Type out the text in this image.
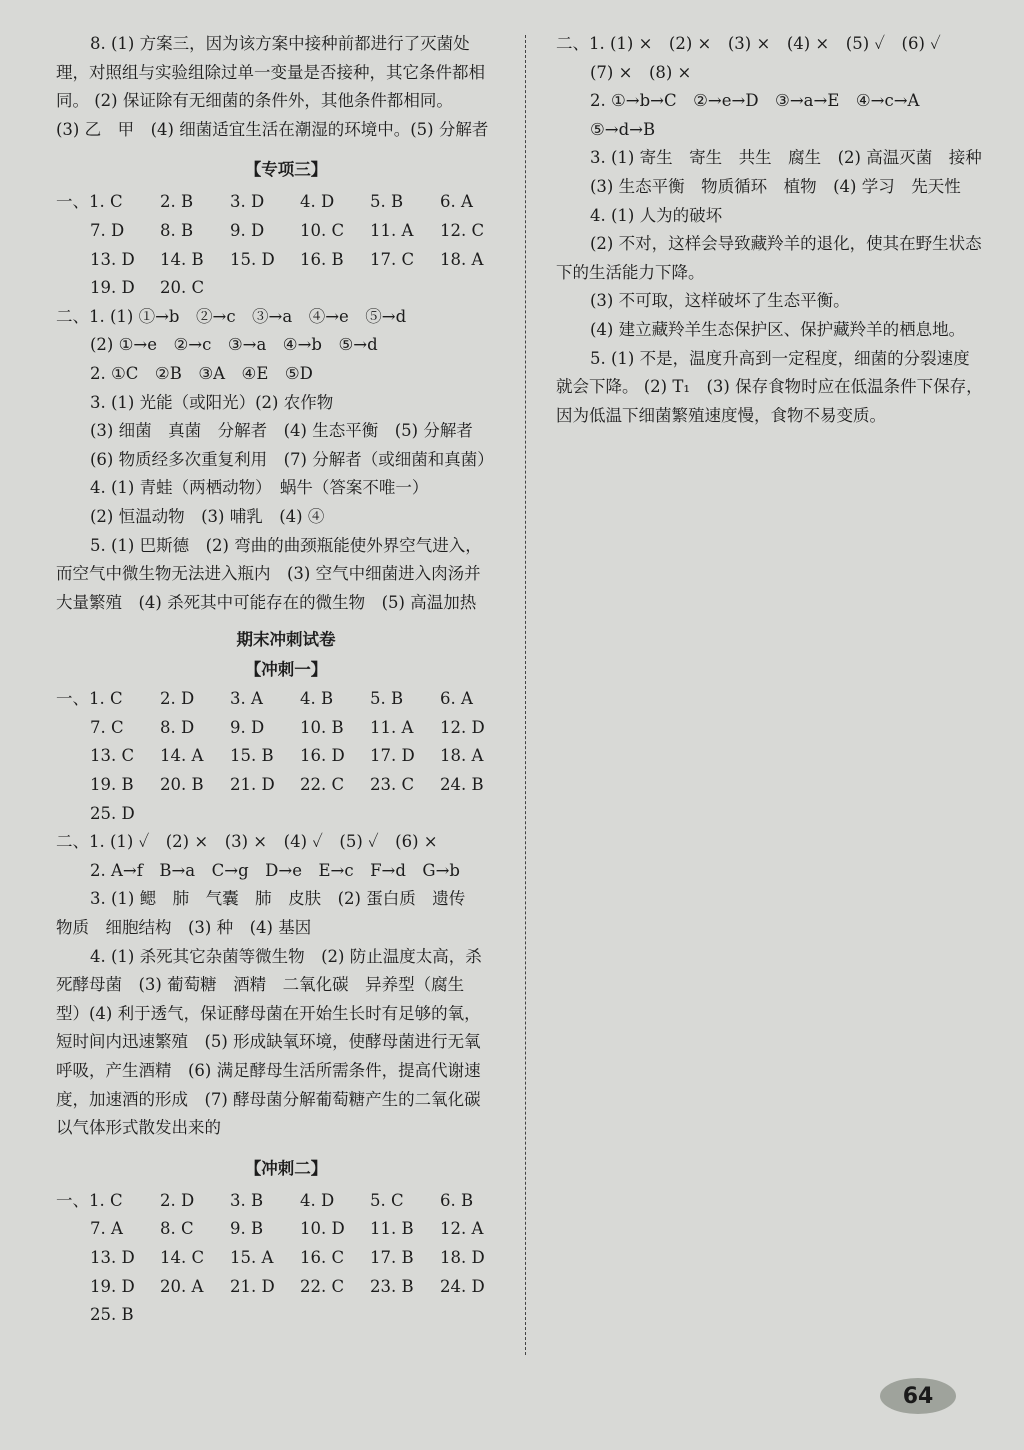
8. (1) 方案三，因为该方案中接种前都进行了灭菌处
理，对照组与实验组除过单一变量是否接种，其它条件都相
同。 (2) 保证除有无细菌的条件外，其他条件都相同。
(3) 乙　甲　(4) 细菌适宜生活在潮湿的环境中。(5) 分解者
【专项三】
一、1. C	2. B	3. D	4. D	5. B	6. A
7. D	8. B	9. D	10. C	11. A	12. C
13. D	14. B	15. D	16. B	17. C	18. A
19. D	20. C
二、1. (1) ①→b　②→c　③→a　④→e　⑤→d
(2) ①→e　②→c　③→a　④→b　⑤→d
2. ①C　②B　③A　④E　⑤D
3. (1) 光能（或阳光）(2) 农作物
(3) 细菌　真菌　分解者　(4) 生态平衡　(5) 分解者
(6) 物质经多次重复利用　(7) 分解者（或细菌和真菌）
4. (1) 青蛙（两栖动物）　蜗牛（答案不唯一）
(2) 恒温动物　(3) 哺乳　(4) ④
5. (1) 巴斯德　(2) 弯曲的曲颈瓶能使外界空气进入，
而空气中微生物无法进入瓶内　(3) 空气中细菌进入肉汤并
大量繁殖　(4) 杀死其中可能存在的微生物　(5) 高温加热
期末冲刺试卷
【冲刺一】
一、1. C	2. D	3. A	4. B	5. B	6. A
7. C	8. D	9. D	10. B	11. A	12. D
13. C	14. A	15. B	16. D	17. D	18. A
19. B	20. B	21. D	22. C	23. C	24. B
25. D
二、1. (1) ✓　(2) ×　(3) ×　(4) ✓　(5) ✓　(6) ×
2. A→f　B→a　C→g　D→e　E→c　F→d　G→b
3. (1) 鳃　肺　气囊　肺　皮肤　(2) 蛋白质　遗传
物质　细胞结构　(3) 种　(4) 基因
4. (1) 杀死其它杂菌等微生物　(2) 防止温度太高，杀
死酵母菌　(3) 葡萄糖　酒精　二氧化碳　异养型（腐生
型）(4) 利于透气，保证酵母菌在开始生长时有足够的氧，
短时间内迅速繁殖　(5) 形成缺氧环境，使酵母菌进行无氧
呼吸，产生酒精　(6) 满足酵母生活所需条件，提高代谢速
度，加速酒的形成　(7) 酵母菌分解葡萄糖产生的二氧化碳
以气体形式散发出来的
【冲刺二】
一、1. C	2. D	3. B	4. D	5. C	6. B
7. A	8. C	9. B	10. D	11. B	12. A
13. D	14. C	15. A	16. C	17. B	18. D
19. D	20. A	21. D	22. C	23. B	24. D
25. B
二、1. (1) ×　(2) ×　(3) ×　(4) ×　(5) ✓　(6) ✓
(7) ×　(8) ×
2. ①→b→C　②→e→D　③→a→E　④→c→A
⑤→d→B
3. (1) 寄生　寄生　共生　腐生　(2) 高温灭菌　接种
(3) 生态平衡　物质循环　植物　(4) 学习　先天性
4. (1) 人为的破坏
(2) 不对，这样会导致藏羚羊的退化，使其在野生状态
下的生活能力下降。
(3) 不可取，这样破坏了生态平衡。
(4) 建立藏羚羊生态保护区、保护藏羚羊的栖息地。
5. (1) 不是，温度升高到一定程度，细菌的分裂速度
就会下降。 (2) T₁　(3) 保存食物时应在低温条件下保存，
因为低温下细菌繁殖速度慢，食物不易变质。
64
